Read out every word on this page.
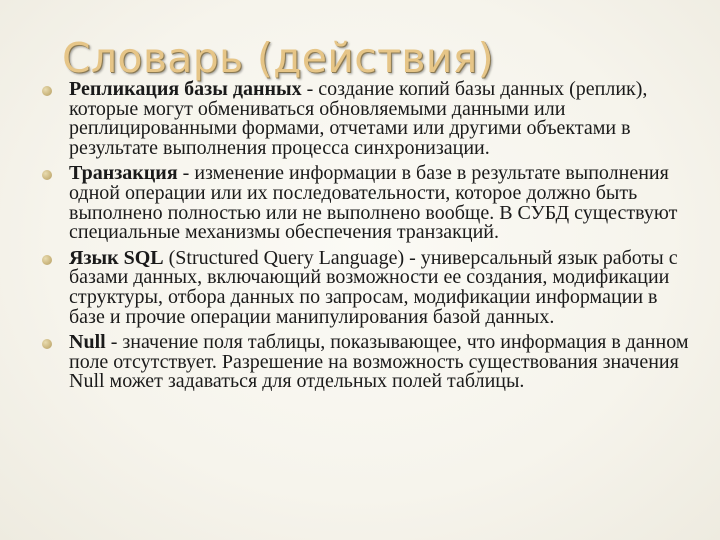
Словарь (действия)
Репликация базы данных - создание копий базы данных (реплик), которые могут обмениваться обновляемыми данными или реплицированными формами, отчетами или другими объектами в результате выполнения процесса синхронизации.
Транзакция - изменение информации в базе в результате выполнения одной операции или их последовательности, которое должно быть выполнено полностью или не выполнено вообще. В СУБД существуют специальные механизмы обеспечения транзакций.
Язык SQL (Structured Query Language) - универсальный язык работы с базами данных, включающий возможности ее создания, модификации структуры, отбора данных по запросам, модификации информации в базе и прочие операции манипулирования базой данных.
Null - значение поля таблицы, показывающее, что информация в данном поле отсутствует. Разрешение на возможность существования значения Null может задаваться для отдельных полей таблицы.
